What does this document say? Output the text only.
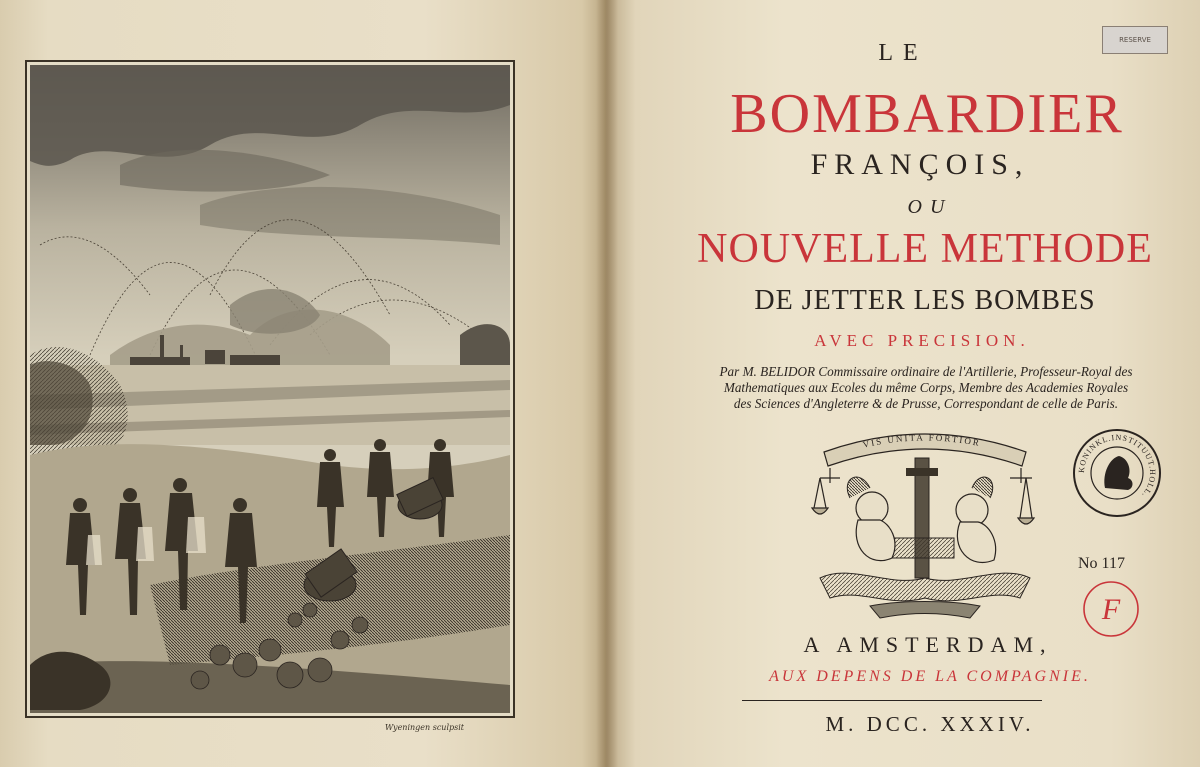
Wyeningen sculpsit
RESERVE
LE
BOMBARDIER
FRANÇOIS,
OU
NOUVELLE METHODE
DE JETTER LES BOMBES
AVEC PRECISION.
Par M. BELIDOR Commissaire ordinaire de l'Artillerie, Professeur-Royal des
Mathematiques aux Ecoles du même Corps, Membre des Academies Royales
des Sciences d'Angleterre & de Prusse, Correspondant de celle de Paris.
VIS UNITA FORTIOR
KONINKL.INSTITUUT.HOLL.
No 117
F
A AMSTERDAM,
AUX DEPENS DE LA COMPAGNIE.
M. DCC. XXXIV.
